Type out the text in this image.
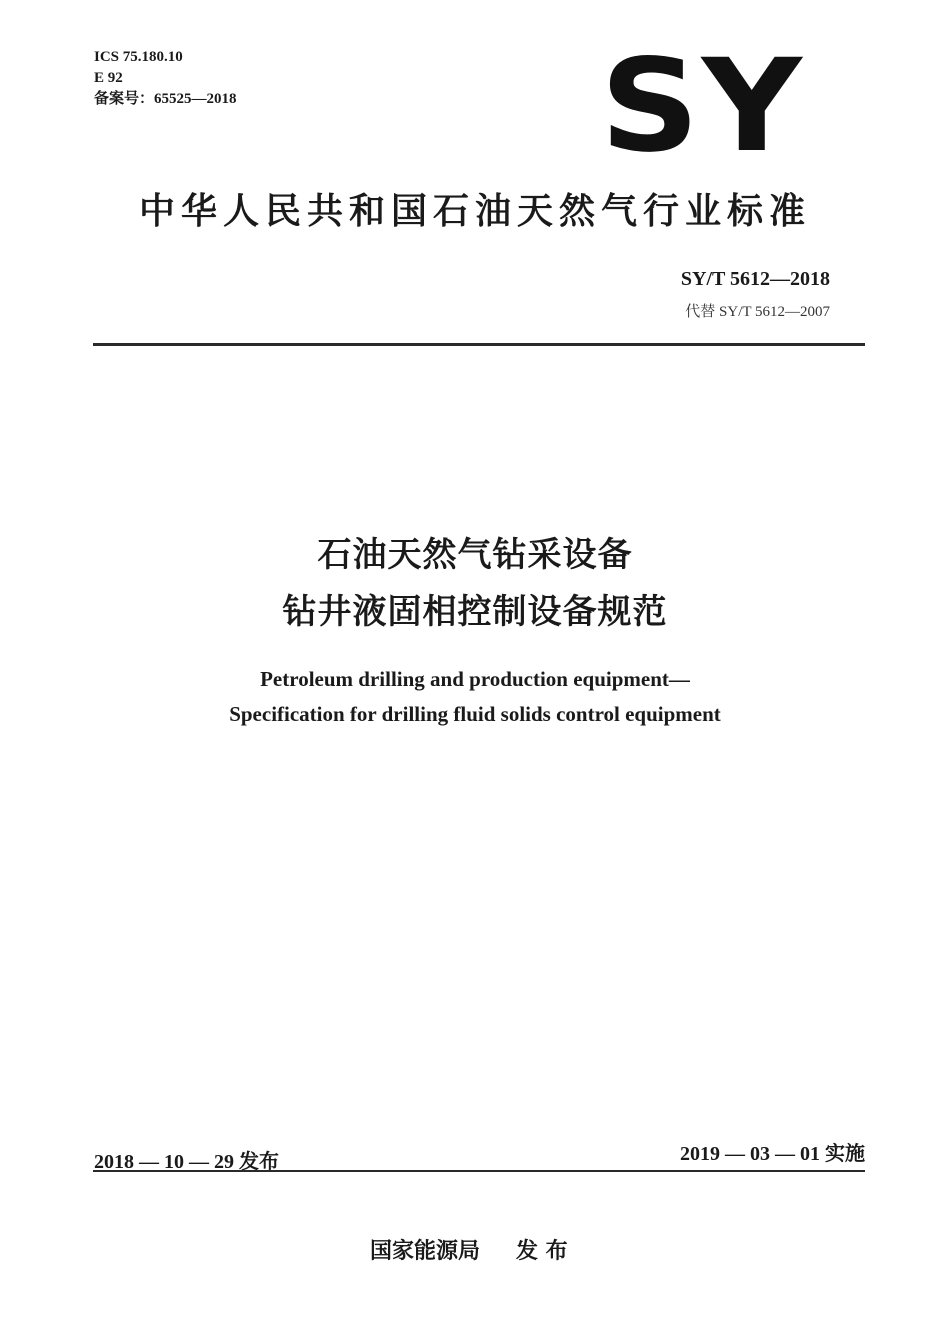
ICS 75.180.10
E 92
备案号：65525—2018	SY
中华人民共和国石油天然气行业标准
SY/T 5612—2018
代替 SY/T 5612—2007
石油天然气钻采设备
钻井液固相控制设备规范
Petroleum drilling and production equipment—
Specification for drilling fluid solids control equipment
2018 — 10 — 29 发布	2019 — 03 — 01 实施
国家能源局 发 布
